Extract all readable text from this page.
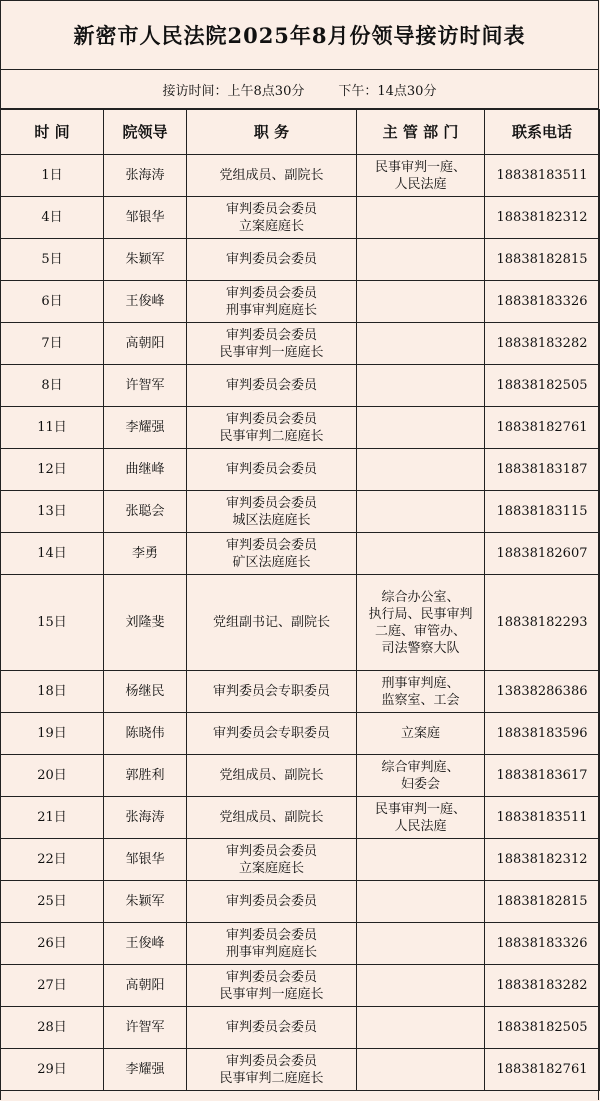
新密市人民法院2025年8月份领导接访时间表
接访时间：上午8点30分	下午：14点30分
时 间	院领导	职 务	主 管 部 门	联系电话
1日	张海涛	党组成员、副院长	民事审判一庭、
人民法庭	18838183511
4日	邹银华	审判委员会委员
立案庭庭长		18838182312
5日	朱颖军	审判委员会委员		18838182815
6日	王俊峰	审判委员会委员
刑事审判庭庭长		18838183326
7日	高朝阳	审判委员会委员
民事审判一庭庭长		18838183282
8日	许智军	审判委员会委员		18838182505
11日	李耀强	审判委员会委员
民事审判二庭庭长		18838182761
12日	曲继峰	审判委员会委员		18838183187
13日	张聪会	审判委员会委员
城区法庭庭长		18838183115
14日	李勇	审判委员会委员
矿区法庭庭长		18838182607
15日	刘隆斐	党组副书记、副院长	综合办公室、
执行局、民事审判
二庭、审管办、
司法警察大队	18838182293
18日	杨继民	审判委员会专职委员	刑事审判庭、
监察室、工会	13838286386
19日	陈晓伟	审判委员会专职委员	立案庭	18838183596
20日	郭胜利	党组成员、副院长	综合审判庭、
妇委会	18838183617
21日	张海涛	党组成员、副院长	民事审判一庭、
人民法庭	18838183511
22日	邹银华	审判委员会委员
立案庭庭长		18838182312
25日	朱颖军	审判委员会委员		18838182815
26日	王俊峰	审判委员会委员
刑事审判庭庭长		18838183326
27日	高朝阳	审判委员会委员
民事审判一庭庭长		18838183282
28日	许智军	审判委员会委员		18838182505
29日	李耀强	审判委员会委员
民事审判二庭庭长		18838182761
